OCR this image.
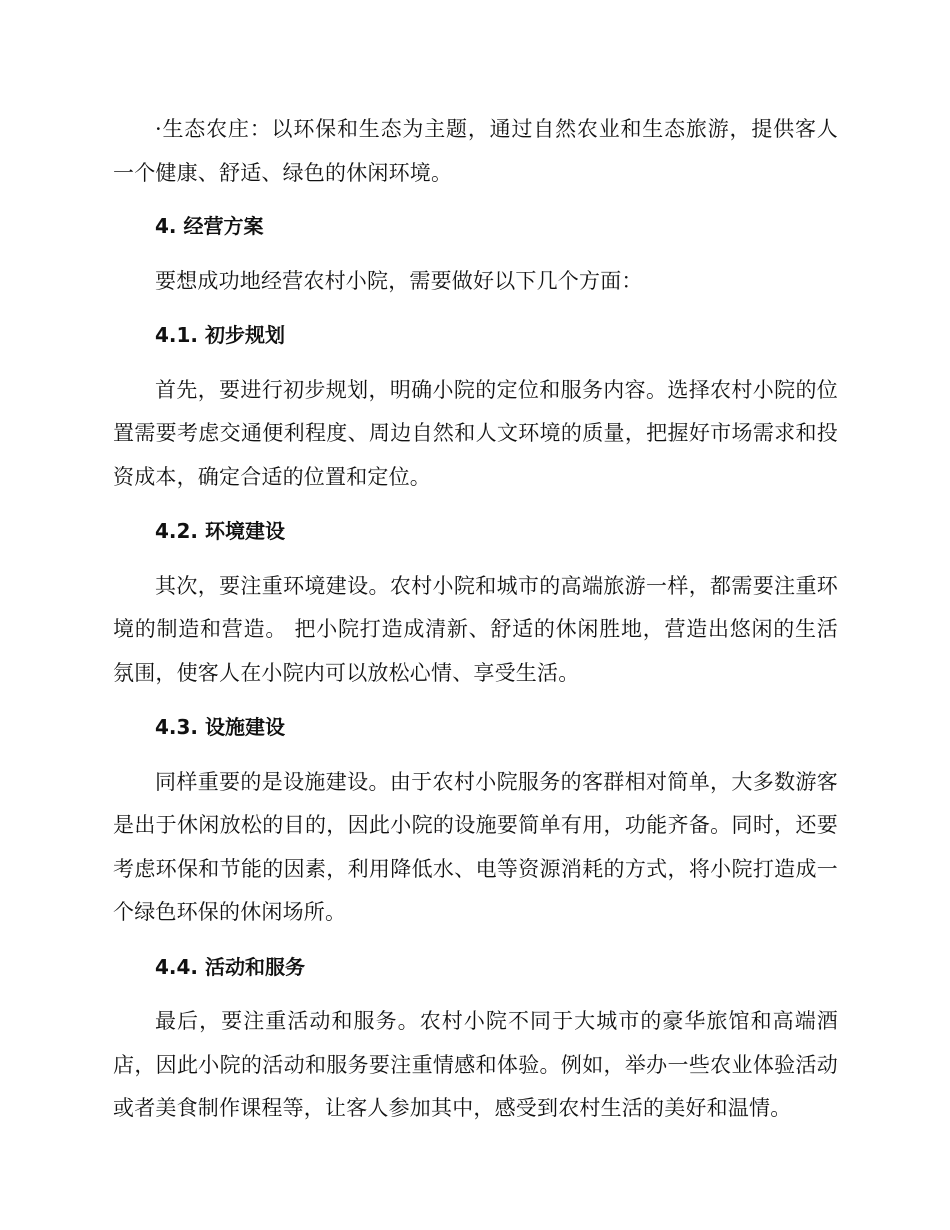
·生态农庄：以环保和生态为主题，通过自然农业和生态旅游，提供客人一个健康、舒适、绿色的休闲环境。

4. 经营方案

要想成功地经营农村小院，需要做好以下几个方面：

4.1. 初步规划

首先，要进行初步规划，明确小院的定位和服务内容。选择农村小院的位置需要考虑交通便利程度、周边自然和人文环境的质量，把握好市场需求和投资成本，确定合适的位置和定位。

4.2. 环境建设

其次，要注重环境建设。农村小院和城市的高端旅游一样，都需要注重环境的制造和营造。 把小院打造成清新、舒适的休闲胜地，营造出悠闲的生活氛围，使客人在小院内可以放松心情、享受生活。

4.3. 设施建设

同样重要的是设施建设。由于农村小院服务的客群相对简单，大多数游客是出于休闲放松的目的，因此小院的设施要简单有用，功能齐备。同时，还要考虑环保和节能的因素，利用降低水、电等资源消耗的方式，将小院打造成一个绿色环保的休闲场所。

4.4. 活动和服务

最后，要注重活动和服务。农村小院不同于大城市的豪华旅馆和高端酒店，因此小院的活动和服务要注重情感和体验。例如，举办一些农业体验活动或者美食制作课程等，让客人参加其中，感受到农村生活的美好和温情。
